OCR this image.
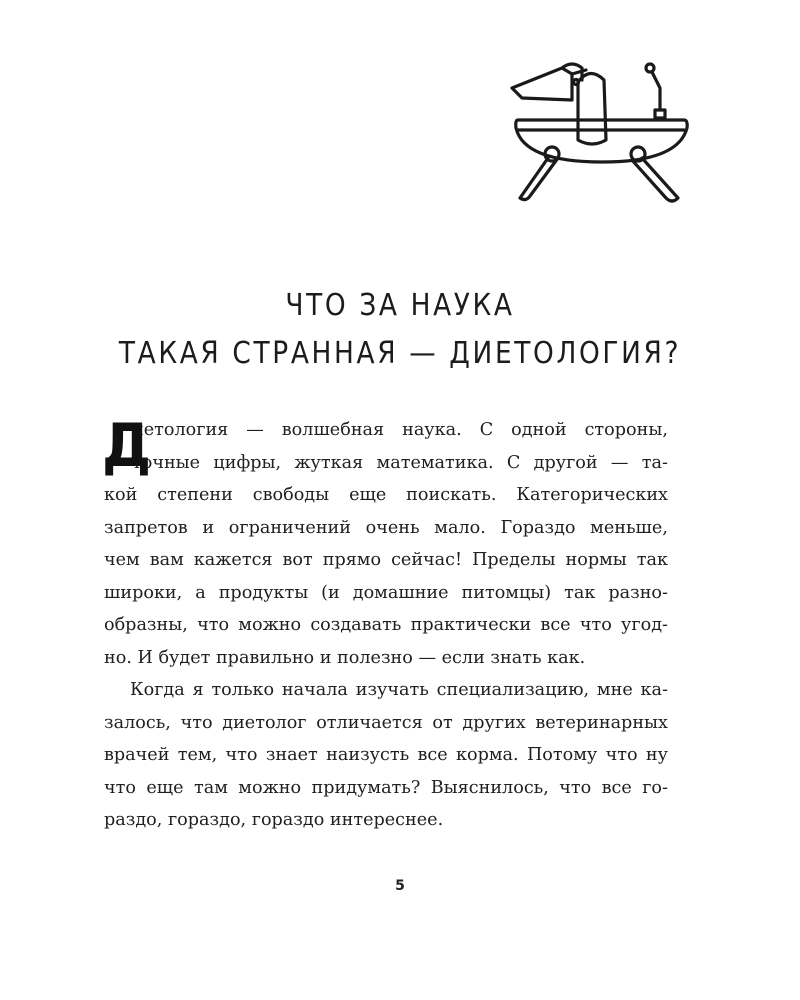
ЧТО ЗА НАУКА
ТАКАЯ СТРАННАЯ — ДИЕТОЛОГИЯ?
Д
иетология — волшебная наука. С одной стороны,
точные цифры, жуткая математика. С другой — та-
кой степени свободы еще поискать. Категорических
запретов и ограничений очень мало. Гораздо меньше,
чем вам кажется вот прямо сейчас! Пределы нормы так
широки, а продукты (и домашние питомцы) так разно-
образны, что можно создавать практически все что угод-
но. И будет правильно и полезно — если знать как.
Когда я только начала изучать специализацию, мне ка-
залось, что диетолог отличается от других ветеринарных
врачей тем, что знает наизусть все корма. Потому что ну
что еще там можно придумать? Выяснилось, что все го-
раздо, гораздо, гораздо интереснее.
5
